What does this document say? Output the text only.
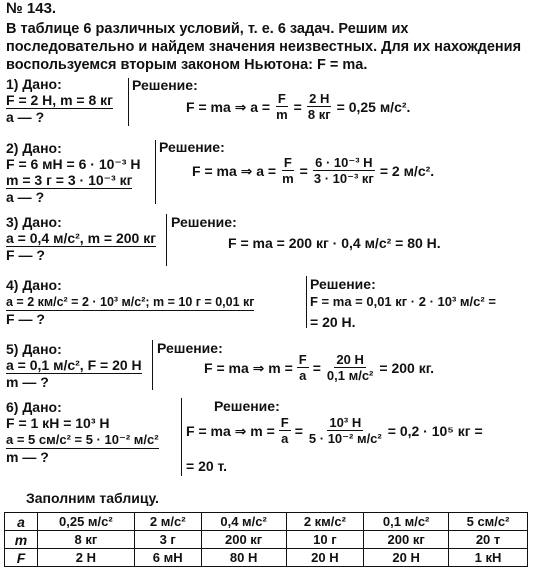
№ 143.
В таблице 6 различных условий, т. е. 6 задач. Решим их последовательно и найдем значения неизвестных. Для их нахождения воспользуемся вторым законом Ньютона: F = ma.
1) Дано:
F = 2 Н, m = 8 кг
a — ?
Решение:
F = ma ⇒ $a = \frac{F}{m} = \frac{2 Н}{8 кг} = 0,25$ м/с².
2) Дано:
F = 6 мН = 6 · 10⁻³ Н
m = 3 г = 3 · 10⁻³ кг
a — ?
Решение:
F = ma ⇒ $a = \frac{F}{m} = \frac{\text{6 · 10⁻³ Н}}{\text{3 · 10⁻³ кг}} = 2$ м/с².
3) Дано:
a = 0,4 м/с², m = 200 кг
F — ?
Решение:
F = ma = 200 кг · 0,4 м/с² = 80 Н.
4) Дано:
a = 2 км/с² = 2 · 10³ м/с²; m = 10 г = 0,01 кг
F — ?
Решение:
F = ma = 0,01 кг · 2 · 10³ м/с² =
= 20 Н.
5) Дано:
a = 0,1 м/с², F = 20 Н
m — ?
Решение:
F = ma ⇒ $m = \frac{F}{a} = \frac{20 Н}{\text{0,1 м/с²}} = 200$ кг.
6) Дано:
F = 1 кН = 10³ Н
a = 5 см/с² = 5 · 10⁻² м/с²
m — ?
Решение:
F = ma ⇒ $m = \frac{F}{a} = \frac{\text{10³ Н}}{\text{5 · 10⁻² м/с²}} = 0,2 \cdot 10^5$ кг =
= 20 т.
Заполним таблицу.
a	0,25 м/с²	2 м/с²	0,4 м/с²	2 км/с²	0,1 м/с²	5 см/с²
m	8 кг	3 г	200 кг	10 г	200 кг	20 т
F	2 Н	6 мН	80 Н	20 Н	20 Н	1 кН
